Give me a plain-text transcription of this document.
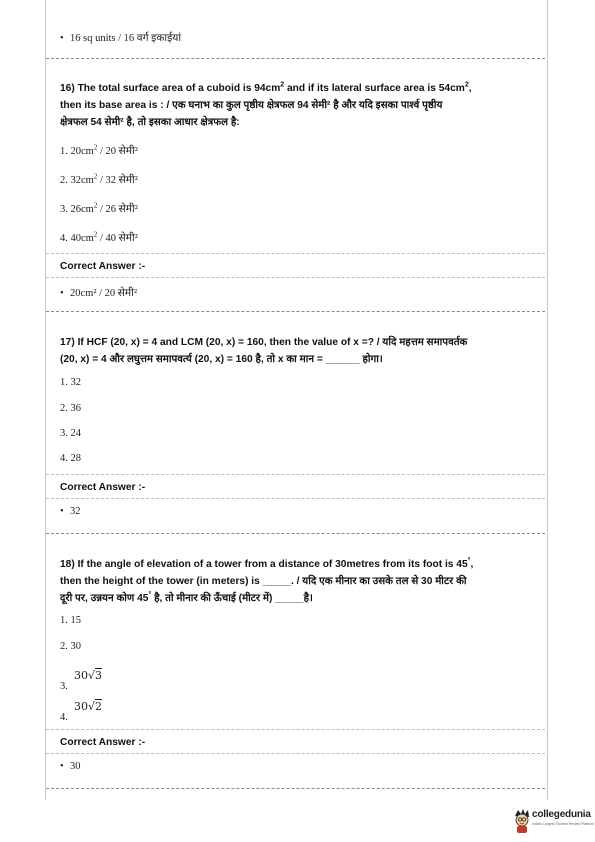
• 16 sq units / 16 वर्ग इकाईयां
16) The total surface area of a cuboid is $94cm^2$ and if its lateral surface area is $54cm^2$,
then its base area is : / एक घनाभ का कुल पृष्ठीय क्षेत्रफल 94 सेमी² है और यदि इसका पार्श्व पृष्ठीय
क्षेत्रफल 54 सेमी² है, तो इसका आधार क्षेत्रफल है:
1. $20cm^2 / 20$ सेमी²
2. $32cm^2 / 32$ सेमी²
3. $26cm^2 / 26$ सेमी²
4. $40cm^2 / 40$ सेमी²
Correct Answer :-
• 20cm² / 20 सेमी²
17) If HCF (20, x) = 4 and LCM (20, x) = 160, then the value of x =? / यदि महत्तम समापवर्तक
(20, x) = 4 और लघुत्तम समापवर्त्य (20, x) = 160 है, तो x का मान = ______ होगा।
1. 32
2. 36
3. 24
4. 28
Correct Answer :-
• 32
18) If the angle of elevation of a tower from a distance of 30metres from its foot is 45°,
then the height of the tower (in meters) is _____. / यदि एक मीनार का उसके तल से 30 मीटर की
दूरी पर, उन्नयन कोण 45° है, तो मीनार की ऊँचाई (मीटर में) _____है।
1. 15
2. 30
3.
30√3
4.
30√2
Correct Answer :-
• 30
collegedunia
India's Largest Student Review Platform
